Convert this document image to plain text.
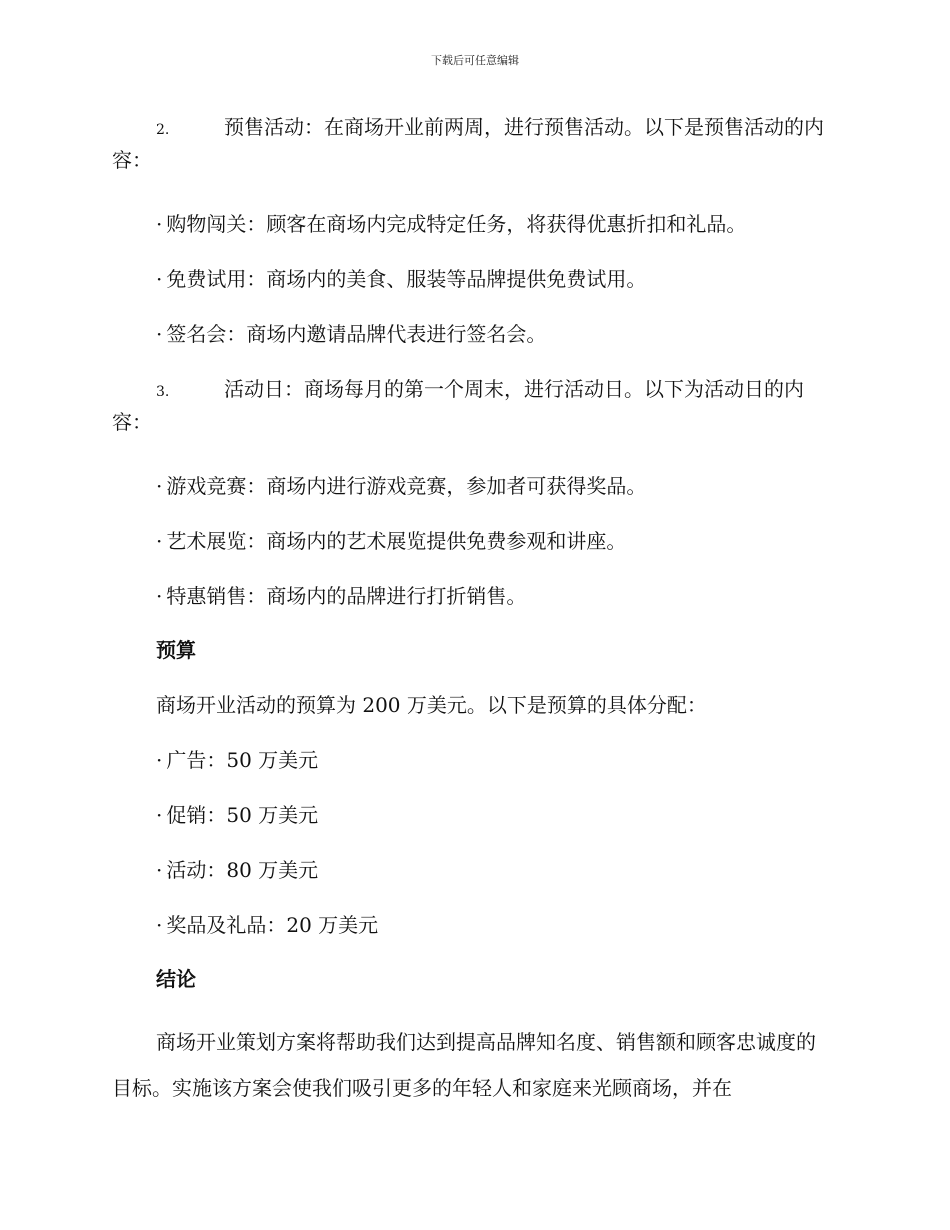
下载后可任意编辑
2.	预售活动：在商场开业前两周，进行预售活动。以下是预售活动的内容：
· 购物闯关：顾客在商场内完成特定任务，将获得优惠折扣和礼品。
· 免费试用：商场内的美食、服装等品牌提供免费试用。
· 签名会：商场内邀请品牌代表进行签名会。
3.	活动日：商场每月的第一个周末，进行活动日。以下为活动日的内容：
· 游戏竞赛：商场内进行游戏竞赛，参加者可获得奖品。
· 艺术展览：商场内的艺术展览提供免费参观和讲座。
· 特惠销售：商场内的品牌进行打折销售。
预算
商场开业活动的预算为 200 万美元。以下是预算的具体分配：
· 广告：50 万美元
· 促销：50 万美元
· 活动：80 万美元
· 奖品及礼品：20 万美元
结论
商场开业策划方案将帮助我们达到提高品牌知名度、销售额和顾客忠诚度的目标。实施该方案会使我们吸引更多的年轻人和家庭来光顾商场，并在
